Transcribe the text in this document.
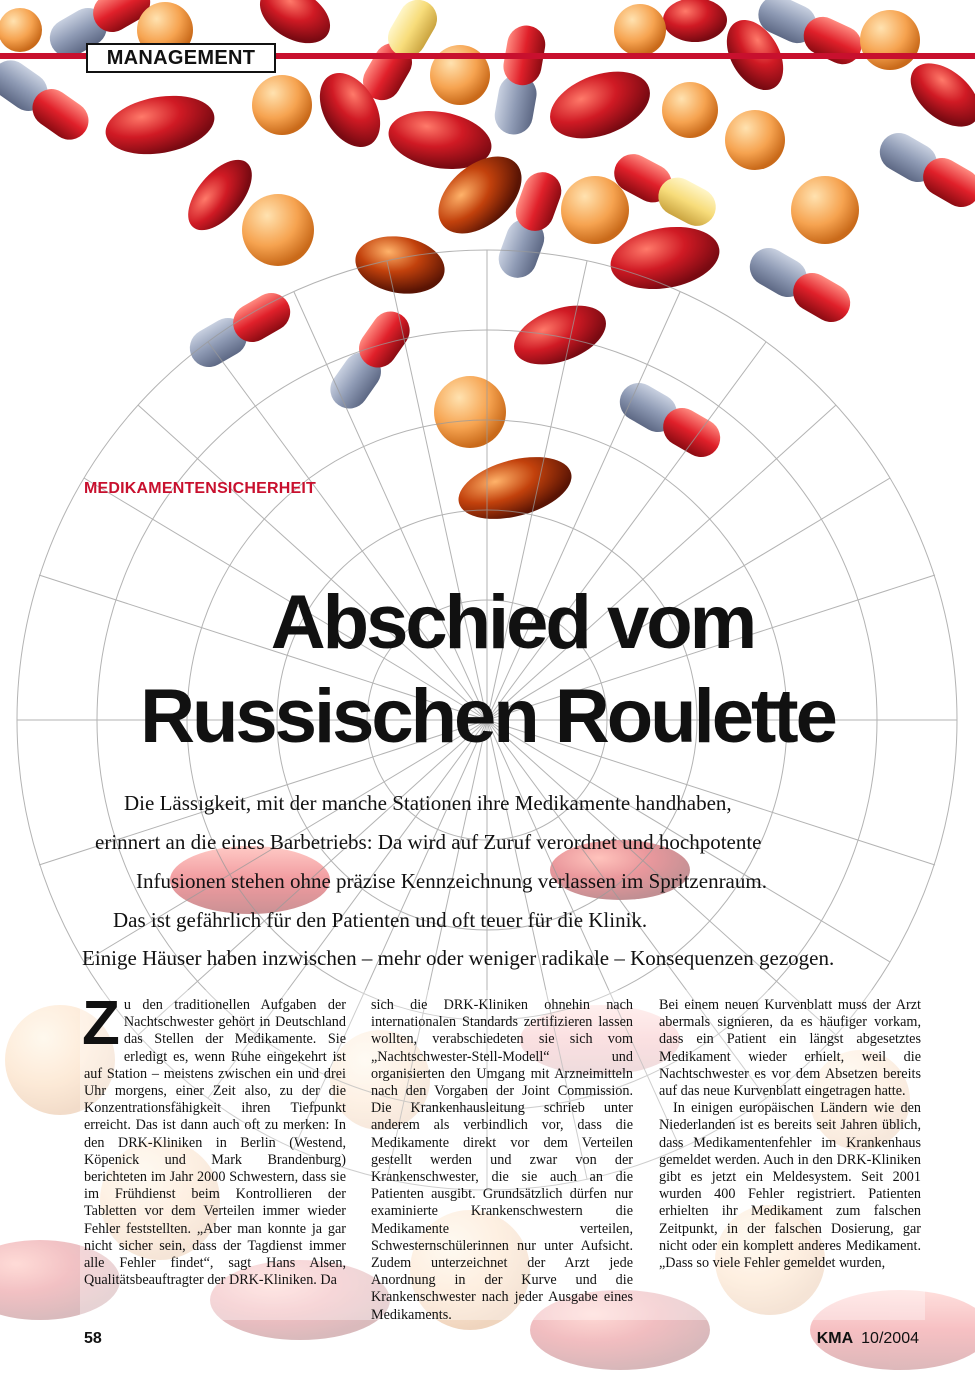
MANAGEMENT
MEDIKAMENTENSICHERHEIT
Abschied vom
Russischen Roulette
Die Lässigkeit, mit der manche Stationen ihre Medikamente handhaben,
erinnert an die eines Barbetriebs: Da wird auf Zuruf verordnet und hochpotente
Infusionen stehen ohne präzise Kennzeichnung verlassen im Spritzenraum.
Das ist gefährlich für den Patienten und oft teuer für die Klinik.
Einige Häuser haben inzwischen – mehr oder weniger radikale – Konsequenzen gezogen.

Zu den traditionellen Aufgaben der Nachtschwester gehört in Deutschland das Stellen der Medikamente. Sie erledigt es, wenn Ruhe eingekehrt ist auf Station – meistens zwischen ein und drei Uhr morgens, einer Zeit also, zu der die Konzentrationsfähigkeit ihren Tiefpunkt erreicht. Das ist dann auch oft zu merken: In den DRK-Kliniken in Berlin (Westend, Köpenick und Mark Brandenburg) berichteten im Jahr 2000 Schwestern, dass sie im Frühdienst beim Kontrollieren der Tabletten vor dem Verteilen immer wieder Fehler feststellten. „Aber man konnte ja gar nicht sicher sein, dass der Tagdienst immer alle Fehler findet“, sagt Hans Alsen, Qualitätsbeauftragter der DRK-Kliniken. Da

sich die DRK-Kliniken ohnehin nach internationalen Standards zertifizieren lassen wollten, verabschiedeten sie sich vom „Nachtschwester-Stell-Modell“ und organisierten den Umgang mit Arzneimitteln nach den Vorgaben der Joint Commission. Die Krankenhausleitung schrieb unter anderem als verbindlich vor, dass die Medikamente direkt vor dem Verteilen gestellt werden und zwar von der Krankenschwester, die sie auch an die Patienten ausgibt. Grundsätzlich dürfen nur examinierte Krankenschwestern die Medikamente verteilen, Schwesternschülerinnen nur unter Aufsicht. Zudem unterzeichnet der Arzt jede Anordnung in der Kurve und die Krankenschwester nach jeder Ausgabe eines Medikaments.

Bei einem neuen Kurvenblatt muss der Arzt abermals signieren, da es häufiger vorkam, dass ein Patient ein längst abgesetztes Medikament wieder erhielt, weil die Nachtschwester es vor dem Absetzen bereits auf das neue Kurvenblatt eingetragen hatte.

In einigen europäischen Ländern wie den Niederlanden ist es bereits seit Jahren üblich, dass Medikamentenfehler im Krankenhaus gemeldet werden. Auch in den DRK-Kliniken gibt es jetzt ein Meldesystem. Seit 2001 wurden 400 Fehler registriert. Patienten erhielten ihr Medikament zum falschen Zeitpunkt, in der falschen Dosierung, gar nicht oder ein komplett anderes Medikament. „Dass so viele Fehler gemeldet wurden,

58	KMA 10/2004
